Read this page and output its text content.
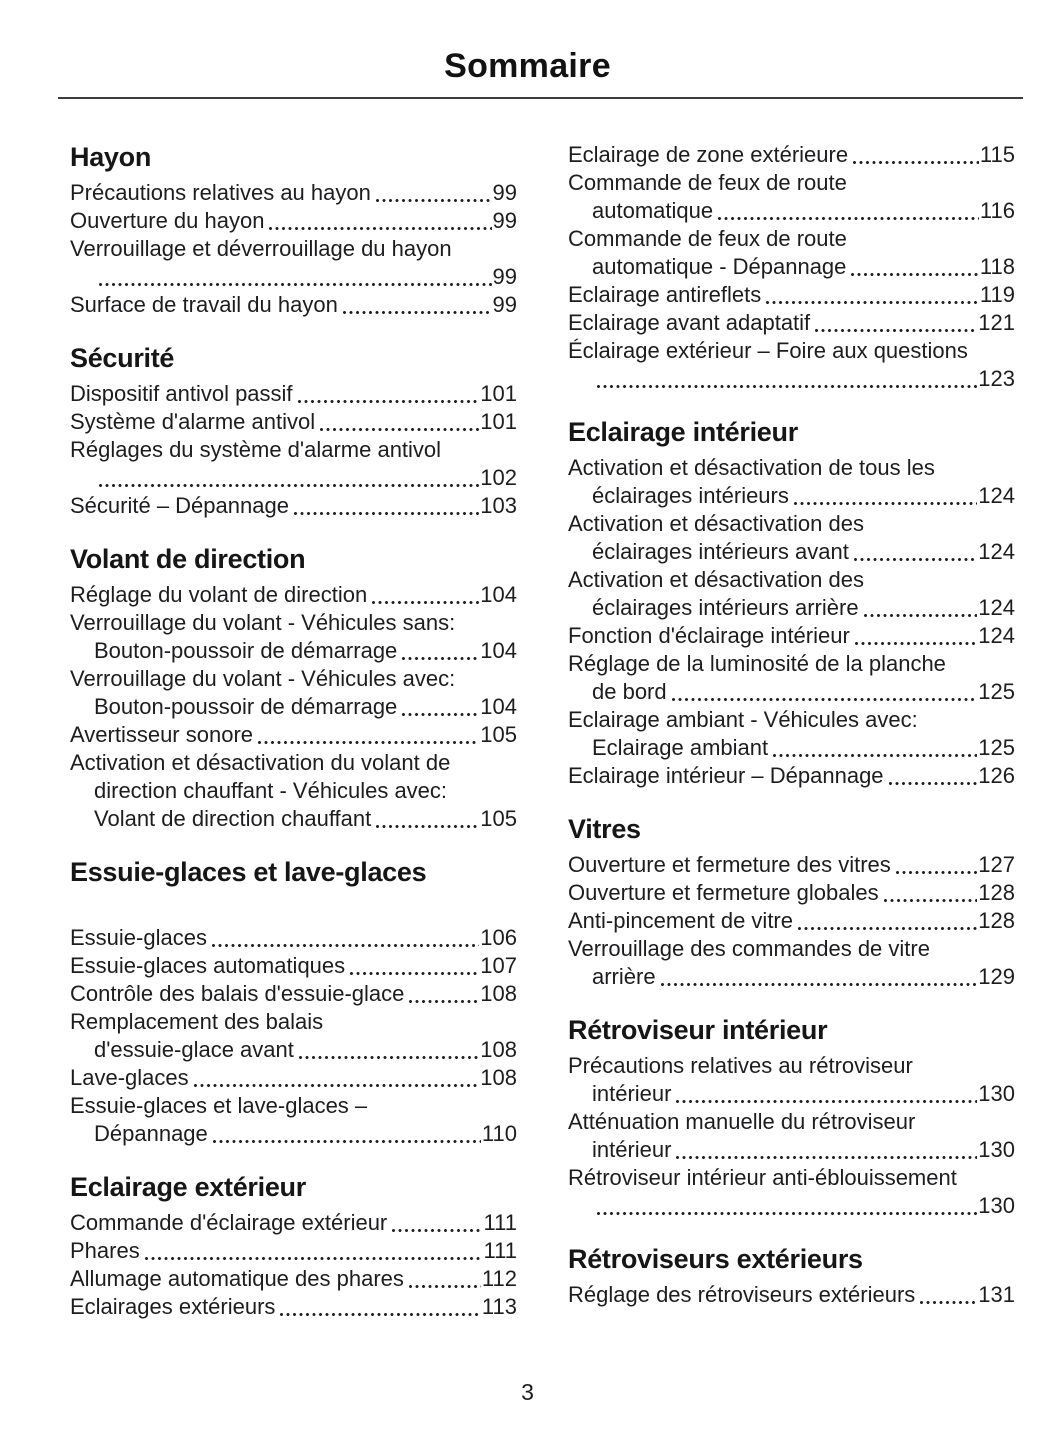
Sommaire
Hayon
Précautions relatives au hayon	99
Ouverture du hayon	99
Verrouillage et déverrouillage du hayon
99
Surface de travail du hayon	99
Sécurité
Dispositif antivol passif	101
Système d'alarme antivol	101
Réglages du système d'alarme antivol
102
Sécurité – Dépannage	103
Volant de direction
Réglage du volant de direction	104
Verrouillage du volant - Véhicules sans:
Bouton-poussoir de démarrage	104
Verrouillage du volant - Véhicules avec:
Bouton-poussoir de démarrage	104
Avertisseur sonore	105
Activation et désactivation du volant de
direction chauffant - Véhicules avec:
Volant de direction chauffant	105
Essuie-glaces et lave-glaces
Essuie-glaces	106
Essuie-glaces automatiques	107
Contrôle des balais d'essuie-glace	108
Remplacement des balais
d'essuie-glace avant	108
Lave-glaces	108
Essuie-glaces et lave-glaces –
Dépannage	110
Eclairage extérieur
Commande d'éclairage extérieur	111
Phares	111
Allumage automatique des phares	112
Eclairages extérieurs	113
Eclairage de zone extérieure	115
Commande de feux de route
automatique	116
Commande de feux de route
automatique - Dépannage	118
Eclairage antireflets	119
Eclairage avant adaptatif	121
Éclairage extérieur – Foire aux questions
123
Eclairage intérieur
Activation et désactivation de tous les
éclairages intérieurs	124
Activation et désactivation des
éclairages intérieurs avant	124
Activation et désactivation des
éclairages intérieurs arrière	124
Fonction d'éclairage intérieur	124
Réglage de la luminosité de la planche
de bord	125
Eclairage ambiant - Véhicules avec:
Eclairage ambiant	125
Eclairage intérieur – Dépannage	126
Vitres
Ouverture et fermeture des vitres	127
Ouverture et fermeture globales	128
Anti-pincement de vitre	128
Verrouillage des commandes de vitre
arrière	129
Rétroviseur intérieur
Précautions relatives au rétroviseur
intérieur	130
Atténuation manuelle du rétroviseur
intérieur	130
Rétroviseur intérieur anti-éblouissement
130
Rétroviseurs extérieurs
Réglage des rétroviseurs extérieurs	131
3
